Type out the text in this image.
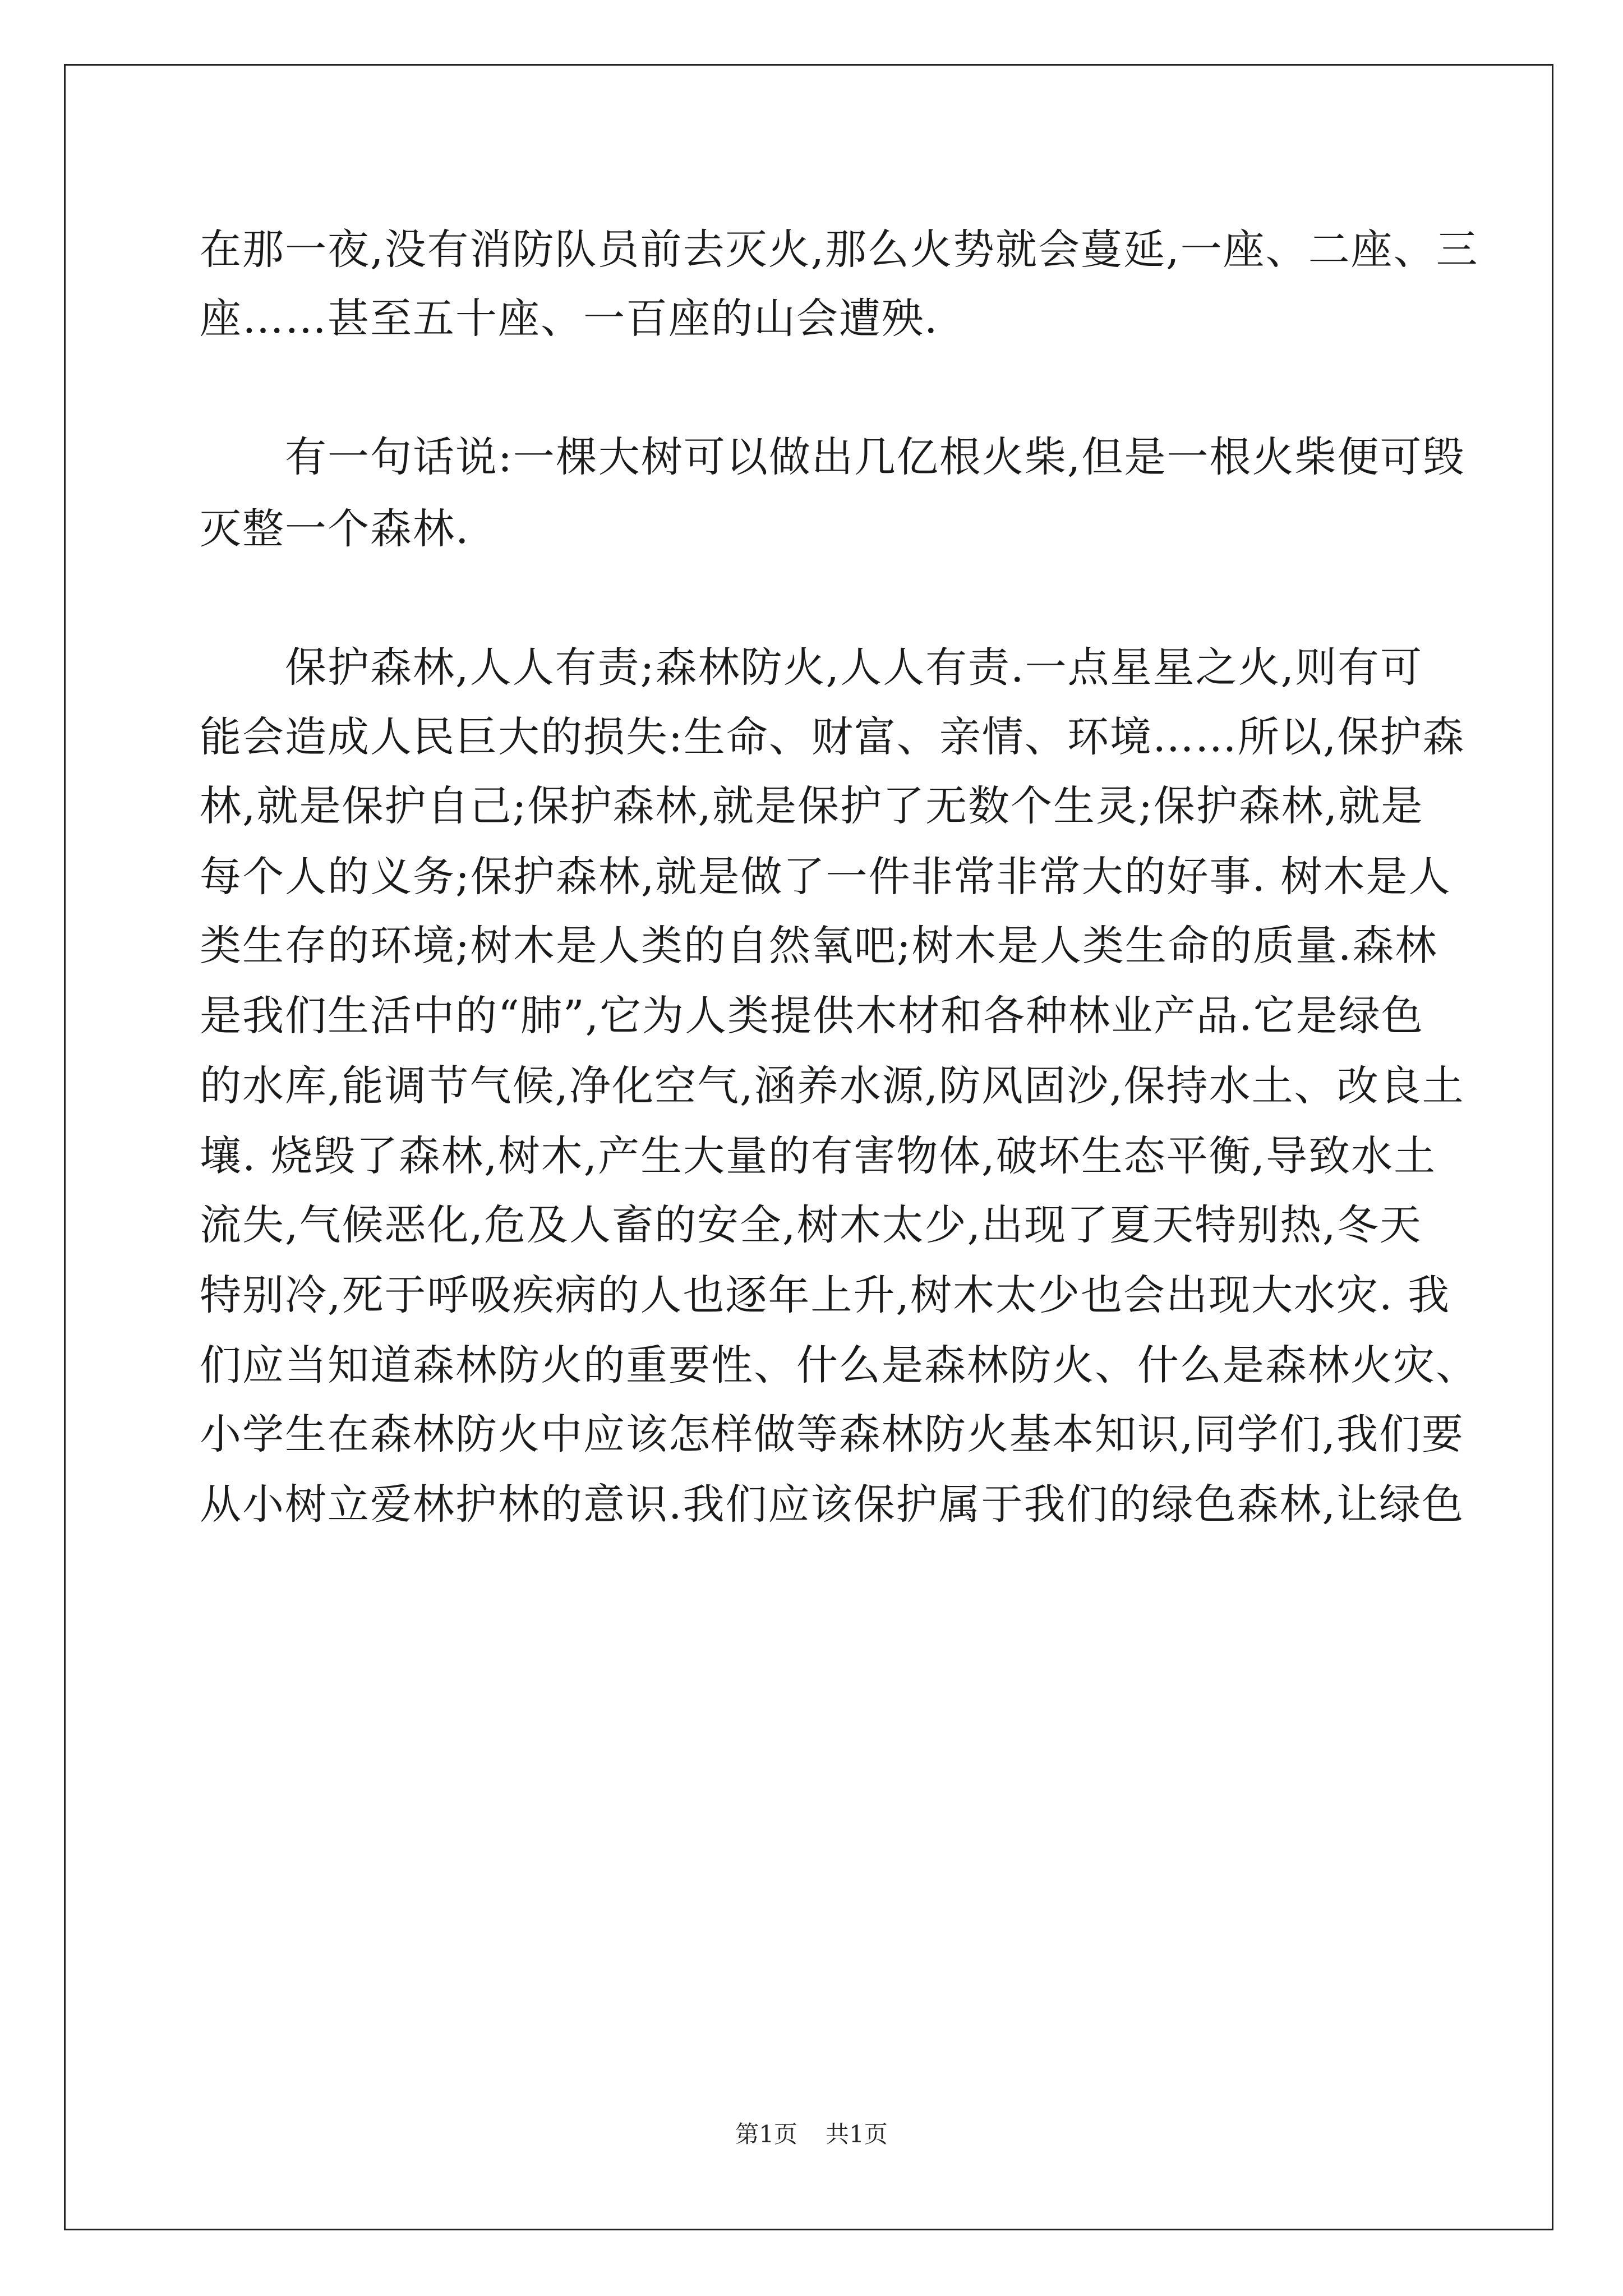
在那一夜,没有消防队员前去灭火,那么火势就会蔓延,一座、二座、三
座……甚至五十座、一百座的山会遭殃.
　　有一句话说:一棵大树可以做出几亿根火柴,但是一根火柴便可毁
灭整一个森林.
　　保护森林,人人有责;森林防火,人人有责.一点星星之火,则有可
能会造成人民巨大的损失:生命、财富、亲情、环境……所以,保护森
林,就是保护自己;保护森林,就是保护了无数个生灵;保护森林,就是
每个人的义务;保护森林,就是做了一件非常非常大的好事. 树木是人
类生存的环境;树木是人类的自然氧吧;树木是人类生命的质量.森林
是我们生活中的“肺”,它为人类提供木材和各种林业产品.它是绿色
的水库,能调节气候,净化空气,涵养水源,防风固沙,保持水土、改良土
壤. 烧毁了森林,树木,产生大量的有害物体,破坏生态平衡,导致水土
流失,气候恶化,危及人畜的安全,树木太少,出现了夏天特别热,冬天
特别冷,死于呼吸疾病的人也逐年上升,树木太少也会出现大水灾. 我
们应当知道森林防火的重要性、什么是森林防火、什么是森林火灾、
小学生在森林防火中应该怎样做等森林防火基本知识,同学们,我们要
从小树立爱林护林的意识.我们应该保护属于我们的绿色森林,让绿色
第1页 共1页
